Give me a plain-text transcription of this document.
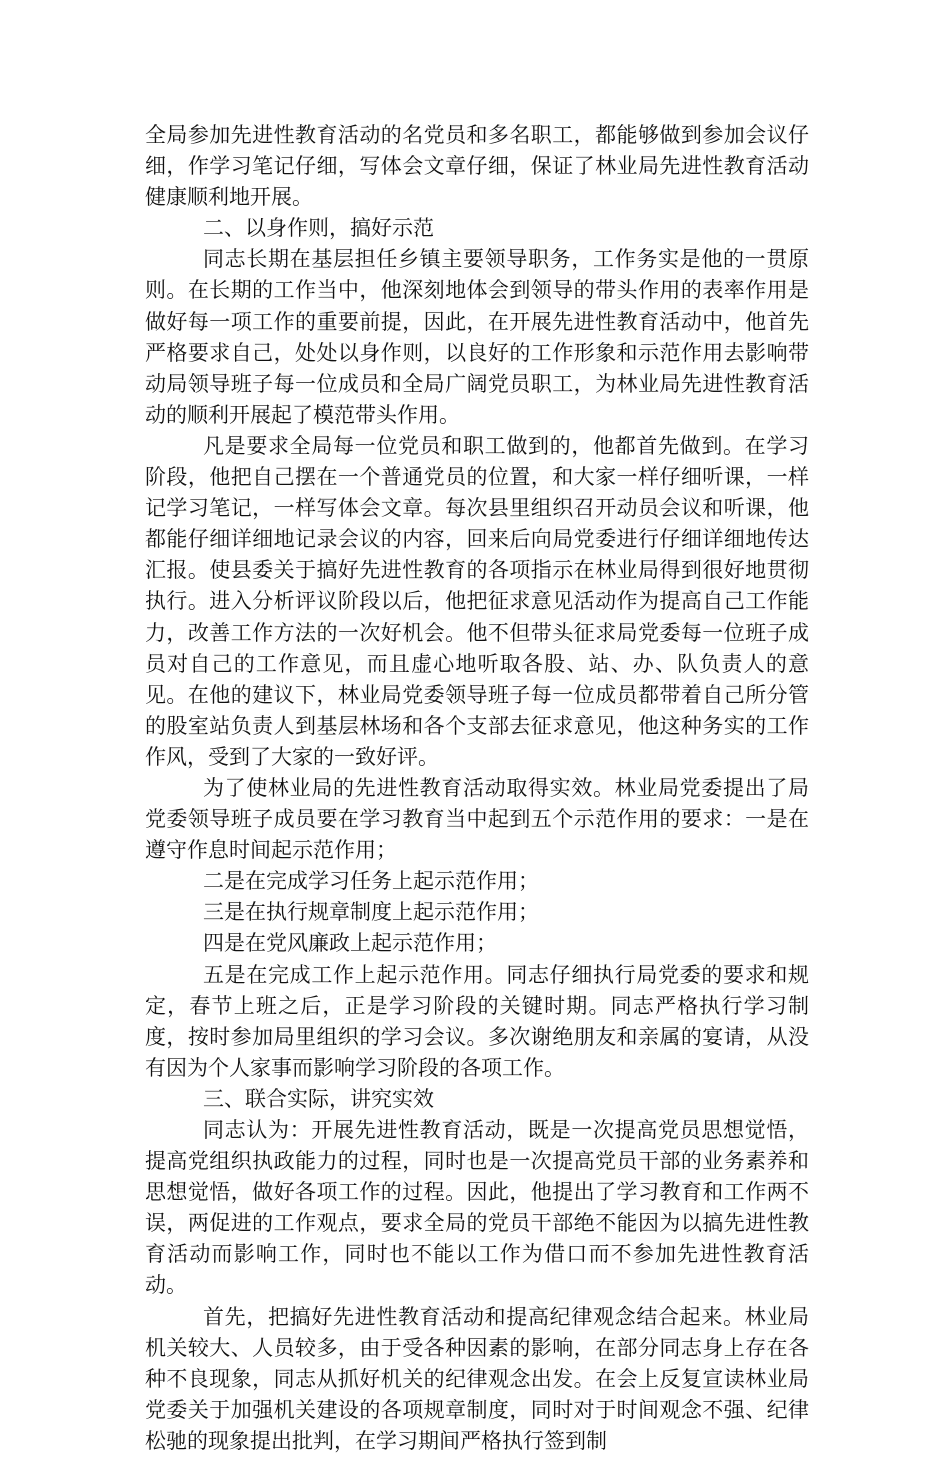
全局参加先进性教育活动的名党员和多名职工，都能够做到参加会议仔细，作学习笔记仔细，写体会文章仔细，保证了林业局先进性教育活动健康顺利地开展。

二、以身作则，搞好示范

同志长期在基层担任乡镇主要领导职务，工作务实是他的一贯原则。在长期的工作当中，他深刻地体会到领导的带头作用的表率作用是做好每一项工作的重要前提，因此，在开展先进性教育活动中，他首先严格要求自己，处处以身作则，以良好的工作形象和示范作用去影响带动局领导班子每一位成员和全局广阔党员职工，为林业局先进性教育活动的顺利开展起了模范带头作用。

凡是要求全局每一位党员和职工做到的，他都首先做到。在学习阶段，他把自己摆在一个普通党员的位置，和大家一样仔细听课，一样记学习笔记，一样写体会文章。每次县里组织召开动员会议和听课，他都能仔细详细地记录会议的内容，回来后向局党委进行仔细详细地传达汇报。使县委关于搞好先进性教育的各项指示在林业局得到很好地贯彻执行。进入分析评议阶段以后，他把征求意见活动作为提高自己工作能力，改善工作方法的一次好机会。他不但带头征求局党委每一位班子成员对自己的工作意见，而且虚心地听取各股、站、办、队负责人的意见。在他的建议下，林业局党委领导班子每一位成员都带着自己所分管的股室站负责人到基层林场和各个支部去征求意见，他这种务实的工作作风，受到了大家的一致好评。

为了使林业局的先进性教育活动取得实效。林业局党委提出了局党委领导班子成员要在学习教育当中起到五个示范作用的要求：一是在遵守作息时间起示范作用；

二是在完成学习任务上起示范作用；

三是在执行规章制度上起示范作用；

四是在党风廉政上起示范作用；

五是在完成工作上起示范作用。同志仔细执行局党委的要求和规定，春节上班之后，正是学习阶段的关键时期。同志严格执行学习制度，按时参加局里组织的学习会议。多次谢绝朋友和亲属的宴请，从没有因为个人家事而影响学习阶段的各项工作。

三、联合实际，讲究实效

同志认为：开展先进性教育活动，既是一次提高党员思想觉悟，提高党组织执政能力的过程，同时也是一次提高党员干部的业务素养和思想觉悟，做好各项工作的过程。因此，他提出了学习教育和工作两不误，两促进的工作观点，要求全局的党员干部绝不能因为以搞先进性教育活动而影响工作，同时也不能以工作为借口而不参加先进性教育活动。

首先，把搞好先进性教育活动和提高纪律观念结合起来。林业局机关较大、人员较多，由于受各种因素的影响，在部分同志身上存在各种不良现象，同志从抓好机关的纪律观念出发。在会上反复宣读林业局党委关于加强机关建设的各项规章制度，同时对于时间观念不强、纪律松驰的现象提出批判，在学习期间严格执行签到制
